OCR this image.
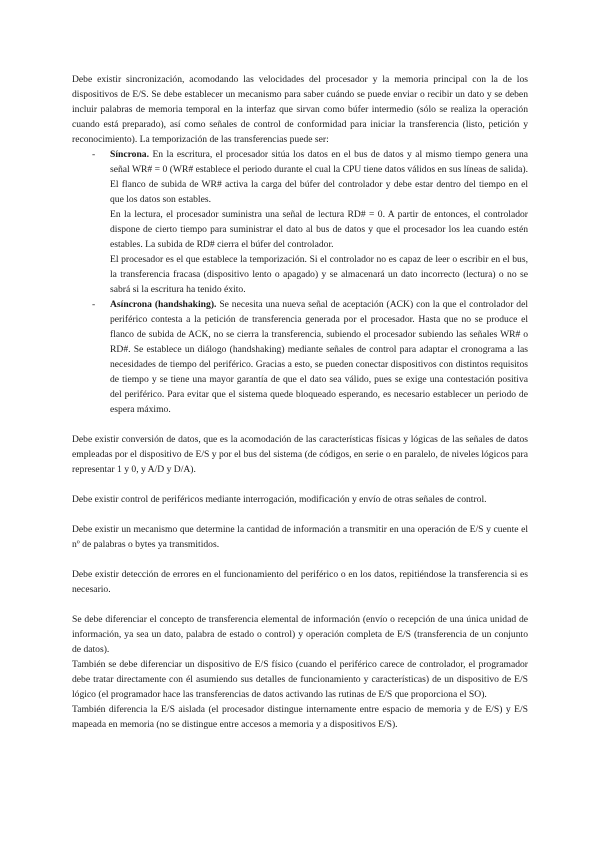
Debe existir sincronización, acomodando las velocidades del procesador y la memoria principal con la de los dispositivos de E/S. Se debe establecer un mecanismo para saber cuándo se puede enviar o recibir un dato y se deben incluir palabras de memoria temporal en la interfaz que sirvan como búfer intermedio (sólo se realiza la operación cuando está preparado), así como señales de control de conformidad para iniciar la transferencia (listo, petición y reconocimiento). La temporización de las transferencias puede ser:

- Síncrona. En la escritura, el procesador sitúa los datos en el bus de datos y al mismo tiempo genera una señal WR# = 0 (WR# establece el periodo durante el cual la CPU tiene datos válidos en sus líneas de salida). El flanco de subida de WR# activa la carga del búfer del controlador y debe estar dentro del tiempo en el que los datos son estables.

En la lectura, el procesador suministra una señal de lectura RD# = 0. A partir de entonces, el controlador dispone de cierto tiempo para suministrar el dato al bus de datos y que el procesador los lea cuando estén estables. La subida de RD# cierra el búfer del controlador.

El procesador es el que establece la temporización. Si el controlador no es capaz de leer o escribir en el bus, la transferencia fracasa (dispositivo lento o apagado) y se almacenará un dato incorrecto (lectura) o no se sabrá si la escritura ha tenido éxito.

- Asíncrona (handshaking). Se necesita una nueva señal de aceptación (ACK) con la que el controlador del periférico contesta a la petición de transferencia generada por el procesador. Hasta que no se produce el flanco de subida de ACK, no se cierra la transferencia, subiendo el procesador subiendo las señales WR# o RD#. Se establece un diálogo (handshaking) mediante señales de control para adaptar el cronograma a las necesidades de tiempo del periférico. Gracias a esto, se pueden conectar dispositivos con distintos requisitos de tiempo y se tiene una mayor garantía de que el dato sea válido, pues se exige una contestación positiva del periférico. Para evitar que el sistema quede bloqueado esperando, es necesario establecer un periodo de espera máximo.

Debe existir conversión de datos, que es la acomodación de las características físicas y lógicas de las señales de datos empleadas por el dispositivo de E/S y por el bus del sistema (de códigos, en serie o en paralelo, de niveles lógicos para representar 1 y 0, y A/D y D/A).

Debe existir control de periféricos mediante interrogación, modificación y envío de otras señales de control.

Debe existir un mecanismo que determine la cantidad de información a transmitir en una operación de E/S y cuente el nº de palabras o bytes ya transmitidos.

Debe existir detección de errores en el funcionamiento del periférico o en los datos, repitiéndose la transferencia si es necesario.

Se debe diferenciar el concepto de transferencia elemental de información (envío o recepción de una única unidad de información, ya sea un dato, palabra de estado o control) y operación completa de E/S (transferencia de un conjunto de datos).

También se debe diferenciar un dispositivo de E/S físico (cuando el periférico carece de controlador, el programador debe tratar directamente con él asumiendo sus detalles de funcionamiento y características) de un dispositivo de E/S lógico (el programador hace las transferencias de datos activando las rutinas de E/S que proporciona el SO).

También diferencia la E/S aislada (el procesador distingue internamente entre espacio de memoria y de E/S) y E/S mapeada en memoria (no se distingue entre accesos a memoria y a dispositivos E/S).
